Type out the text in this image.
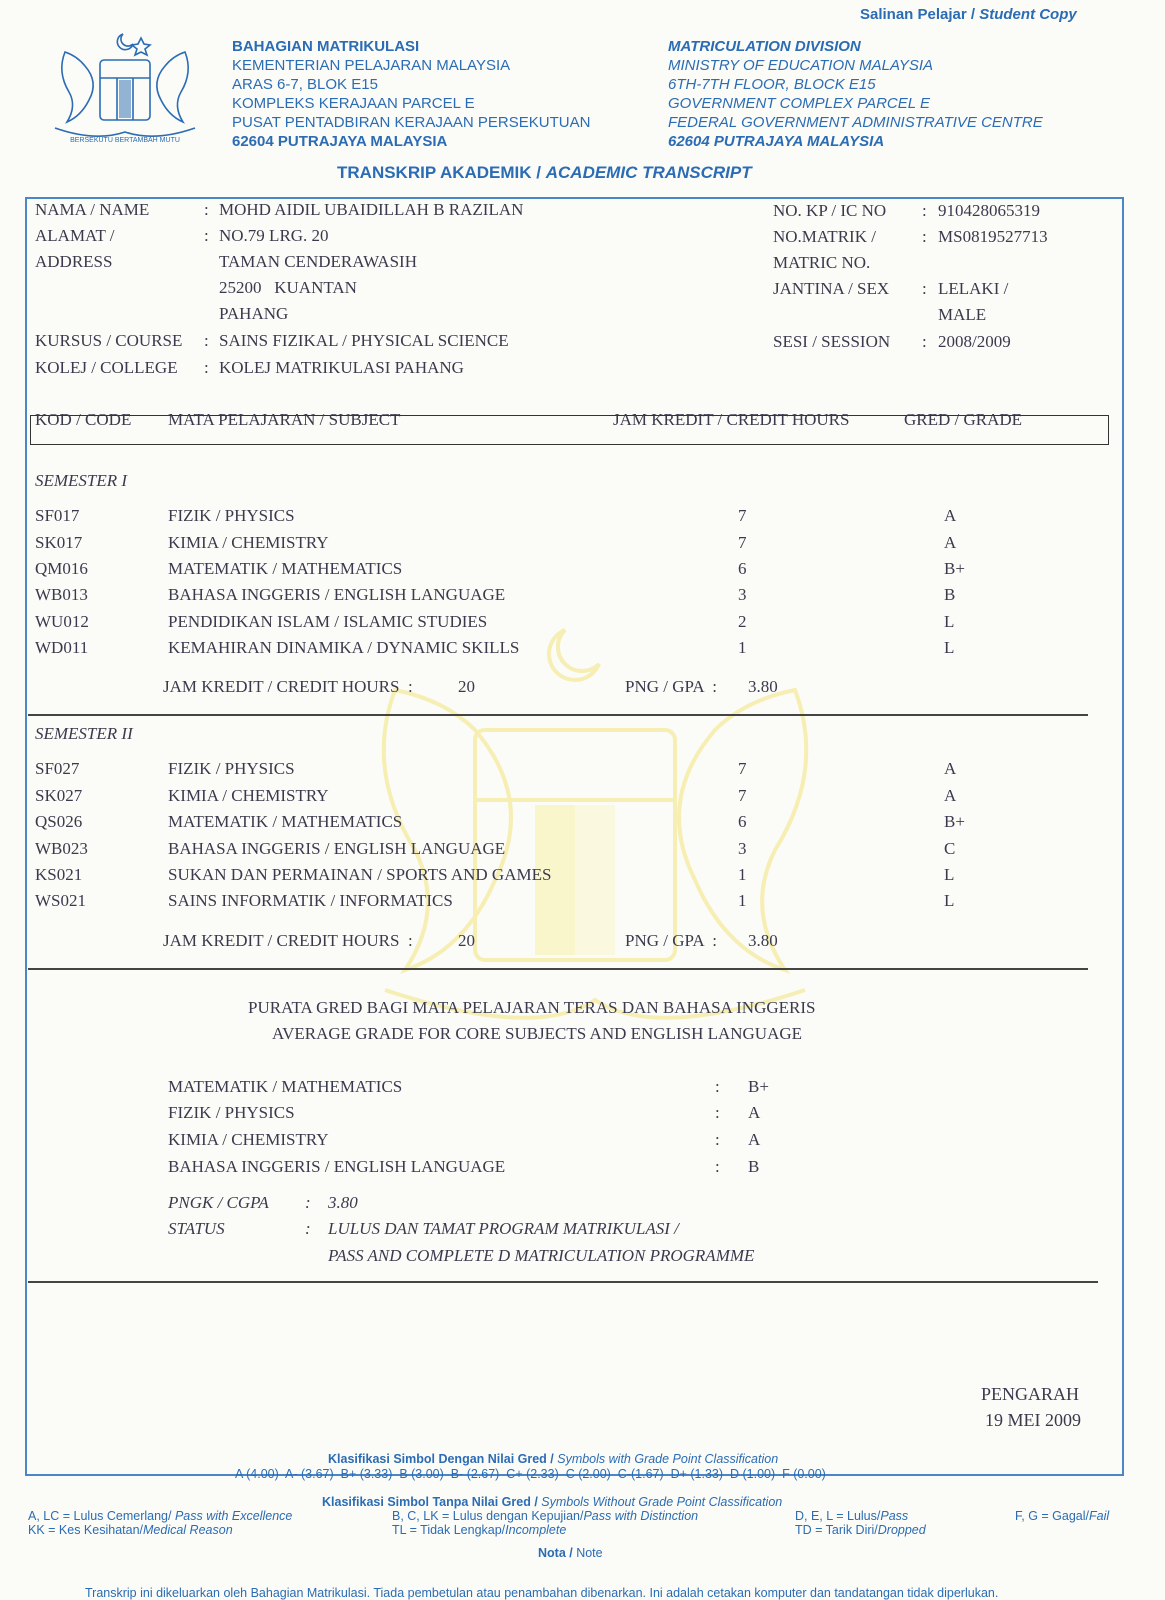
Salinan Pelajar / Student Copy
BERSEKUTU BERTAMBAH MUTU
BAHAGIAN MATRIKULASI
KEMENTERIAN PELAJARAN MALAYSIA
ARAS 6-7, BLOK E15
KOMPLEKS KERAJAAN PARCEL E
PUSAT PENTADBIRAN KERAJAAN PERSEKUTUAN
62604 PUTRAJAYA MALAYSIA
MATRICULATION DIVISION
MINISTRY OF EDUCATION MALAYSIA
6TH-7TH FLOOR, BLOCK E15
GOVERNMENT COMPLEX PARCEL E
FEDERAL GOVERNMENT ADMINISTRATIVE CENTRE
62604 PUTRAJAYA MALAYSIA
TRANSKRIP AKADEMIK / ACADEMIC TRANSCRIPT
NAMA / NAME	: MOHD AIDIL UBAIDILLAH B RAZILAN
ALAMAT /
ADDRESS
: NO.79 LRG. 20
TAMAN CENDERAWASIH
25200   KUANTAN
PAHANG
KURSUS / COURSE : SAINS FIZIKAL / PHYSICAL SCIENCE
KOLEJ / COLLEGE : KOLEJ MATRIKULASI PAHANG
NO. KP / IC NO : 910428065319
NO.MATRIK /
MATRIC NO.
: MS0819527713
JANTINA / SEX : LELAKI /
MALE
SESI / SESSION : 2008/2009
KOD / CODE MATA PELAJARAN / SUBJECT	JAM KREDIT / CREDIT HOURS	GRED / GRADE
SEMESTER I
SF017	FIZIK / PHYSICS	7	A
SK017	KIMIA / CHEMISTRY	7	A
QM016	MATEMATIK / MATHEMATICS	6	B+
WB013	BAHASA INGGERIS / ENGLISH LANGUAGE	3	B
WU012	PENDIDIKAN ISLAM / ISLAMIC STUDIES	2	L
WD011	KEMAHIRAN DINAMIKA / DYNAMIC SKILLS	1	L
JAM KREDIT / CREDIT HOURS  :	20	PNG / GPA  : 3.80
SEMESTER II
SF027	FIZIK / PHYSICS	7	A
SK027	KIMIA / CHEMISTRY	7	A
QS026	MATEMATIK / MATHEMATICS	6	B+
WB023	BAHASA INGGERIS / ENGLISH LANGUAGE	3	C
KS021	SUKAN DAN PERMAINAN / SPORTS AND GAMES	1	L
WS021	SAINS INFORMATIK / INFORMATICS	1	L
JAM KREDIT / CREDIT HOURS  :	20	PNG / GPA  : 3.80
PURATA GRED BAGI MATA PELAJARAN TERAS DAN BAHASA INGGERIS
AVERAGE GRADE FOR CORE SUBJECTS AND ENGLISH LANGUAGE
MATEMATIK / MATHEMATICS	: B+
FIZIK / PHYSICS	: A
KIMIA / CHEMISTRY	: A
BAHASA INGGERIS / ENGLISH LANGUAGE	: B
PNGK / CGPA : 3.80
STATUS	: LULUS DAN TAMAT PROGRAM MATRIKULASI /
PASS AND COMPLETE D MATRICULATION PROGRAMME
PENGARAH
19 MEI 2009
Klasifikasi Simbol Dengan Nilai Gred / Symbols with Grade Point Classification
A (4.00)  A- (3.67)  B+ (3.33)  B (3.00)  B- (2.67)  C+ (2.33)  C (2.00)  C-(1.67)  D+ (1.33)  D (1.00)  F (0.00)
Klasifikasi Simbol Tanpa Nilai Gred / Symbols Without Grade Point Classification
A, LC = Lulus Cemerlang/ Pass with Excellence
KK = Kes Kesihatan/Medical Reason
B, C, LK = Lulus dengan Kepujian/Pass with Distinction
TL = Tidak Lengkap/Incomplete
D, E, L = Lulus/Pass
TD = Tarik Diri/Dropped
F, G = Gagal/Fail
Nota / Note
Transkrip ini dikeluarkan oleh Bahagian Matrikulasi. Tiada pembetulan atau penambahan dibenarkan. Ini adalah cetakan komputer dan tandatangan tidak diperlukan.
